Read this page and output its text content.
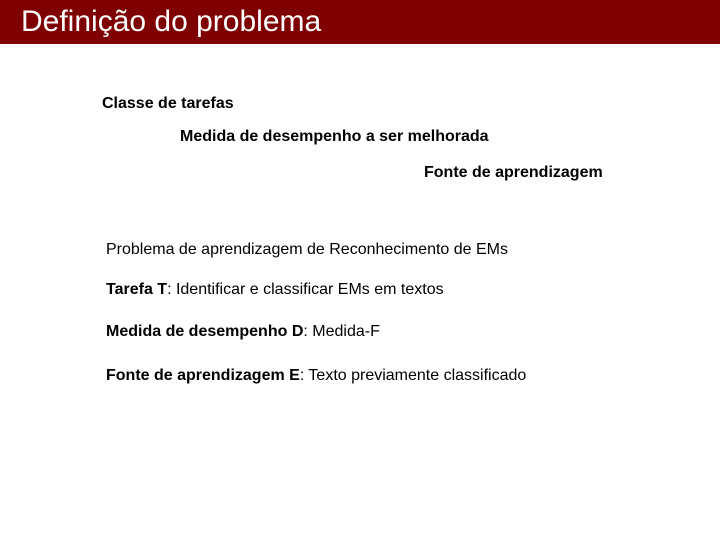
Definição do problema
Classe de tarefas
Medida de desempenho a ser melhorada
Fonte de aprendizagem
Problema de aprendizagem de Reconhecimento de EMs
Tarefa T: Identificar e classificar EMs em textos
Medida de desempenho D: Medida-F
Fonte de aprendizagem E: Texto previamente classificado
